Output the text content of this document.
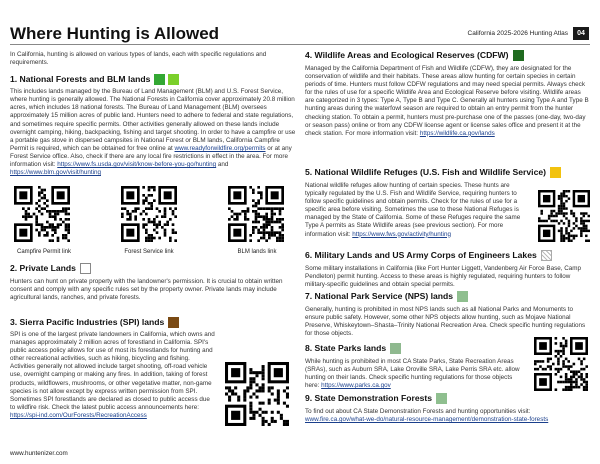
Where Hunting is Allowed	California 2025-2026 Hunting Atlas	04

In California, hunting is allowed on various types of lands, each with specific regulations and requirements.

1. National Forests and BLM lands

This includes lands managed by the Bureau of Land Management (BLM) and U.S. Forest Service, where hunting is generally allowed. The National Forests in California cover approximately 20.8 million acres, which includes 18 national forests. The Bureau of Land Management (BLM) oversees approximately 15 million acres of public land. Hunters need to adhere to federal and state regulations, and sometimes require specific permits. Other activities generally allowed on these lands include overnight camping, hiking, backpacking, fishing and target shooting. In order to have a campfire or use a portable gas stove in dispersed campsites in National Forest or BLM lands, California Campfire Permit is required, which can be obtained for free online at www.readyforwildfire.org/permits or at any Forest Service office. Also, check if there are any local fire restrictions in effect in the area. For more information visit: https://www.fs.usda.gov/visit/know-before-you-go/hunting and https://www.blm.gov/visit/hunting

Campfire Permit link	Forest Service link	BLM lands link
2. Private Lands

Hunters can hunt on private property with the landowner's permission. It is crucial to obtain written consent and comply with any specific rules set by the property owner. Private lands may include agricultural lands, ranches, and private forests.

3. Sierra Pacific Industries (SPI) lands

SPI is one of the largest private landowners in California, which owns and manages approximately 2 million acres of forestland in California. SPI's public access policy allows for use of most its forestlands for hunting and other recreational activities, such as hiking, bicycling and fishing. Activities generally not allowed include target shooting, off-road vehicle use, overnight camping or making any fires. In addition, taking of forest products, wildflowers, mushrooms, or other vegetative matter, non-game species is not allow except by express written permission from SPI. Sometimes SPI forestlands are declared as closed to public access due to wildfire risk. Check the latest public access announcements here: https://spi-ind.com/OurForests/RecreationAccess

4. Wildlife Areas and Ecological Reserves (CDFW)

Managed by the California Department of Fish and Wildlife (CDFW), they are designated for the conservation of wildlife and their habitats. These areas allow hunting for certain species in certain periods of time. Hunters must follow CDFW regulations and may need special permits. Always check for the rules of use for a specific Wildlife Area and Ecological Reserve before visiting. Wildlife areas are categorized in 3 types: Type A, Type B and Type C. Generally all hunters using Type A and Type B hunting areas during the waterfowl season are required to obtain an entry permit from the hunter checking station. To obtain a permit, hunters must pre-purchase one of the passes (one-day, two-day or season pass) online or from any CDFW license agent or license sales office and present it at the check station. For more information visit: https://wildlife.ca.gov/lands

5. National Wildlife Refuges (U.S. Fish and Wildlife Service)

National wildlife refuges allow hunting of certain species. These hunts are typically regulated by the U.S. Fish and Wildlife Service, requiring hunters to follow specific guidelines and obtain permits. Check for the rules of use for a specific area before visiting. Sometimes the use to these National Refuges is managed by the State of California. Some of these Refuges require the same Type A permits as State Wildlife areas (see previous section). For more information visit: https://www.fws.gov/activity/hunting

6. Military Lands and US Army Corps of Engineers Lakes

Some military installations in California (like Fort Hunter Liggett, Vandenberg Air Force Base, Camp Pendleton) permit hunting. Access to these areas is highly regulated, requiring hunters to follow military-specific guidelines and obtain special permits.

7. National Park Service (NPS) lands

Generally, hunting is prohibited in most NPS lands such as all National Parks and Monuments to ensure public safety. However, some other NPS objects allow hunting, such as Mojave National Preserve, Whiskeytown–Shasta–Trinity National Recreation Area. Check specific hunting regulations for those objects.

8. State Parks lands

While hunting is prohibited in most CA State Parks, State Recreation Areas (SRAs), such as Auburn SRA, Lake Oroville SRA, Lake Perris SRA etc. allow hunting on their lands. Check specific hunting regulations for those objects here: https://www.parks.ca.gov

9. State Demonstration Forests

To find out about CA State Demonstration Forests and hunting opportunities visit: www.fire.ca.gov/what-we-do/natural-resource-management/demonstration-state-forests

www.huntenizer.com
